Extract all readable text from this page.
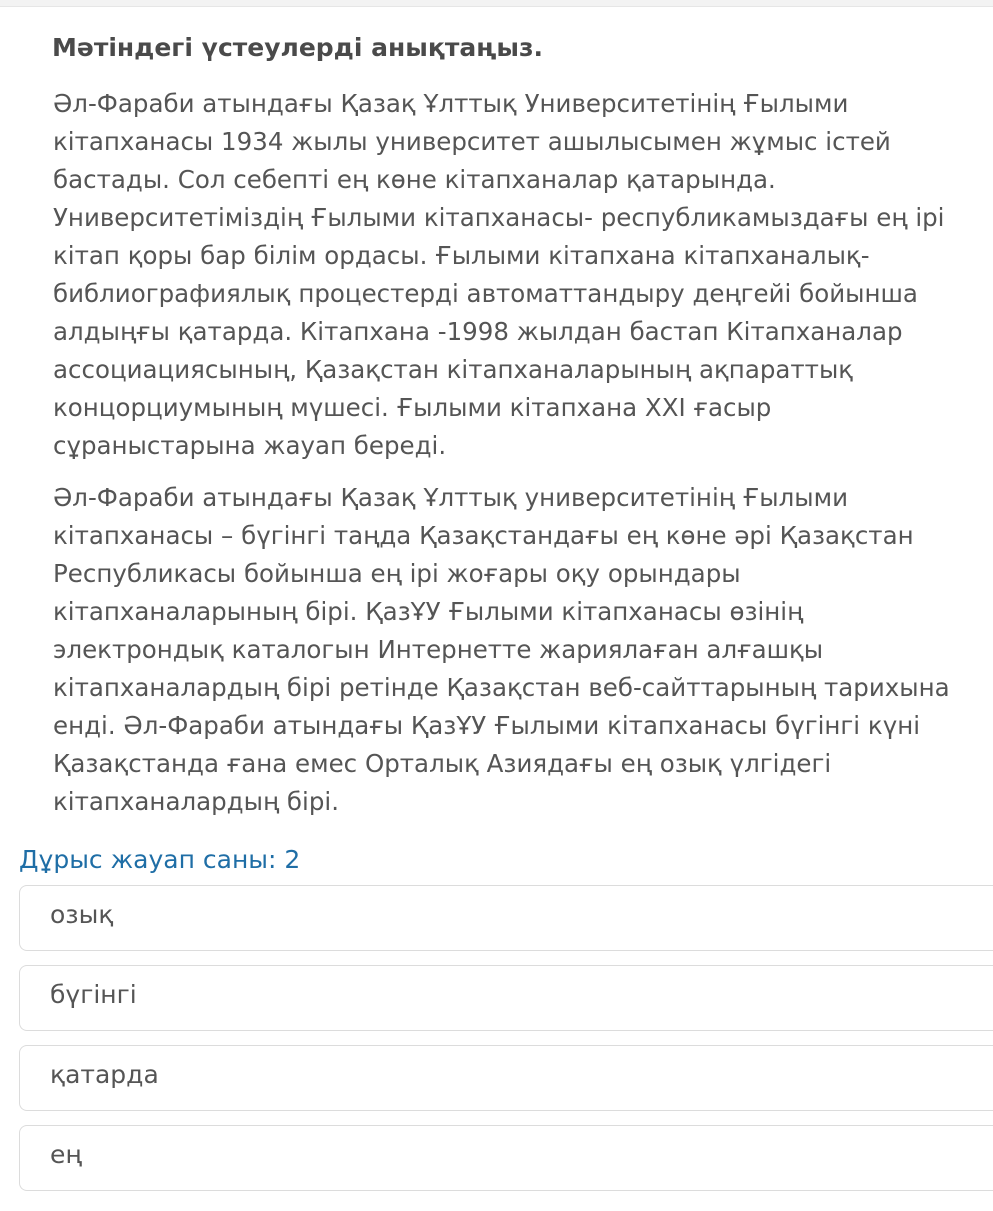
Мәтіндегі үстеулерді анықтаңыз.

Әл-Фараби атындағы Қазақ Ұлттық Университетінің Ғылыми
кітапханасы 1934 жылы университет ашылысымен жұмыс істей
бастады. Сол себепті ең көне кітапханалар қатарында.
Университетіміздің Ғылыми кітапханасы- республикамыздағы ең ірі
кітап қоры бар білім ордасы. Ғылыми кітапхана кітапханалық-
библиографиялық процестерді автоматтандыру деңгейі бойынша
алдыңғы қатарда. Кітапхана -1998 жылдан бастап Кітапханалар
ассоциациясының, Қазақстан кітапханаларының ақпараттық
концорциумының мүшесі. Ғылыми кітапхана XXI ғасыр
сұраныстарына жауап береді.

Әл-Фараби атындағы Қазақ Ұлттық университетінің Ғылыми
кітапханасы – бүгінгі таңда Қазақстандағы ең көне әрі Қазақстан
Республикасы бойынша ең ірі жоғары оқу орындары
кітапханаларының бірі. ҚазҰУ Ғылыми кітапханасы өзінің
электрондық каталогын Интернетте жариялаған алғашқы
кітапханалардың бірі ретінде Қазақстан веб-сайттарының тарихына
енді. Әл-Фараби атындағы ҚазҰУ Ғылыми кітапханасы бүгінгі күні
Қазақстанда ғана емес Орталық Азиядағы ең озық үлгідегі
кітапханалардың бірі.

Дұрыс жауап саны: 2
озық
бүгінгі
қатарда
ең
